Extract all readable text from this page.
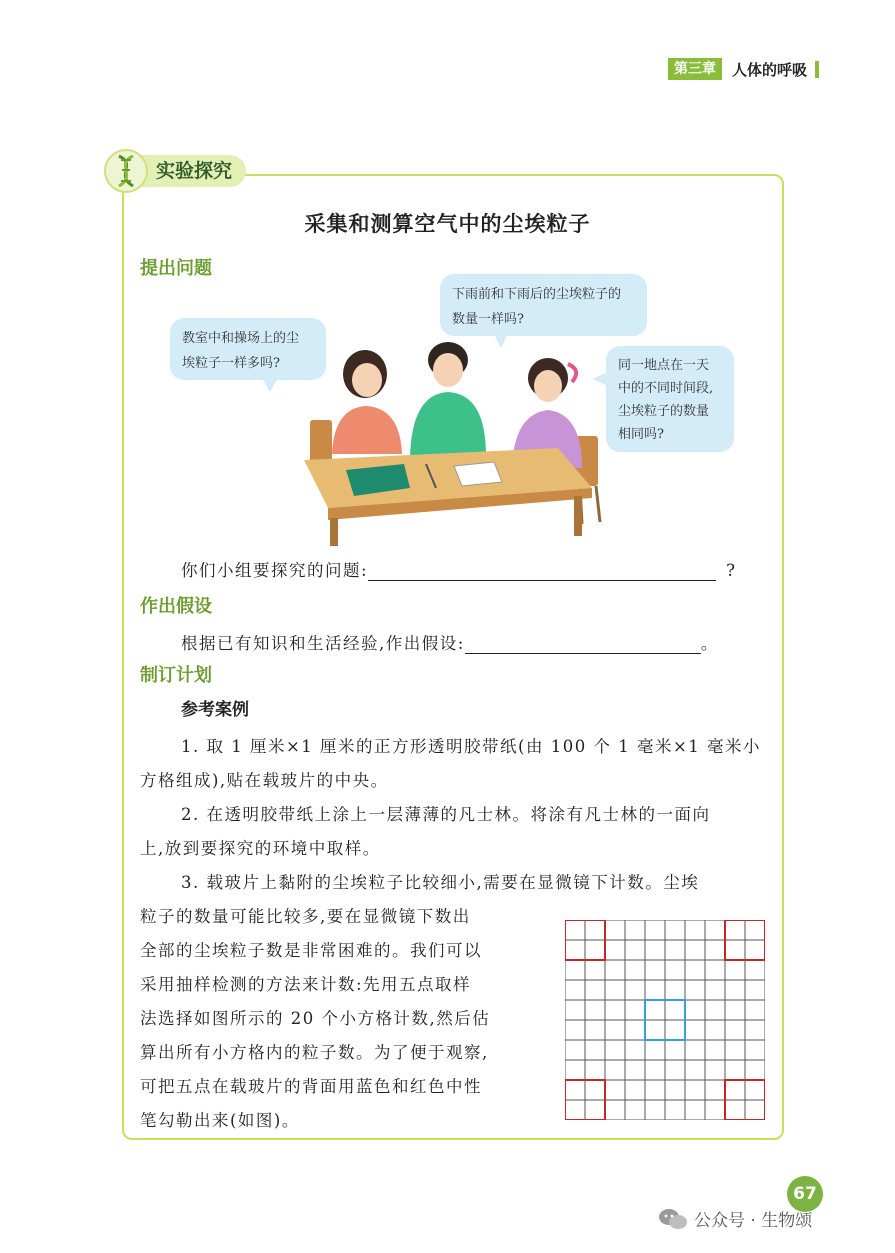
第三章	人体的呼吸
实验探究
采集和测算空气中的尘埃粒子
提出问题
教室中和操场上的尘
埃粒子一样多吗?
下雨前和下雨后的尘埃粒子的
数量一样吗?
同一地点在一天
中的不同时间段,
尘埃粒子的数量
相同吗?
你们小组要探究的问题:	?
作出假设
根据已有知识和生活经验,作出假设:	。
制订计划
参考案例
1. 取 1 厘米×1 厘米的正方形透明胶带纸(由 100 个 1 毫米×1 毫米小
方格组成),贴在载玻片的中央。
2. 在透明胶带纸上涂上一层薄薄的凡士林。将涂有凡士林的一面向
上,放到要探究的环境中取样。
3. 载玻片上黏附的尘埃粒子比较细小,需要在显微镜下计数。尘埃
粒子的数量可能比较多,要在显微镜下数出
全部的尘埃粒子数是非常困难的。我们可以
采用抽样检测的方法来计数:先用五点取样
法选择如图所示的 20 个小方格计数,然后估
算出所有小方格内的粒子数。为了便于观察,
可把五点在载玻片的背面用蓝色和红色中性
笔勾勒出来(如图)。
67
公众号 · 生物颂
